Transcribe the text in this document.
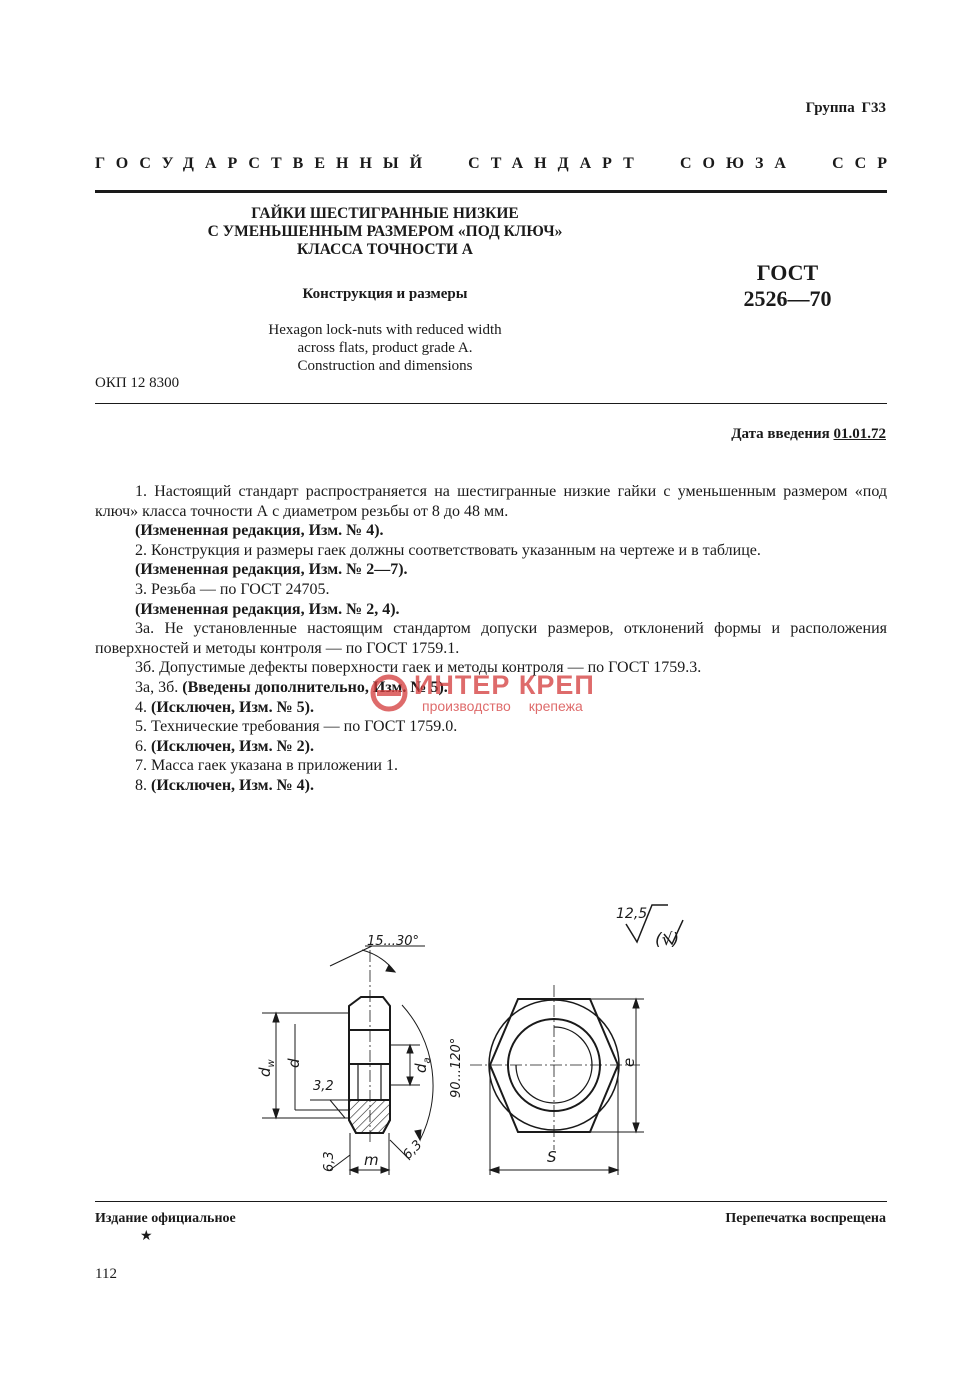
Группа Г33
ГОСУДАРСТВЕННЫЙ СТАНДАРТ СОЮЗА ССР
ГАЙКИ ШЕСТИГРАННЫЕ НИЗКИЕ
С УМЕНЬШЕННЫМ РАЗМЕРОМ «ПОД КЛЮЧ»
КЛАССА ТОЧНОСТИ А
Конструкция и размеры
Hexagon lock-nuts with reduced width
across flats, product grade A.
Construction and dimensions
ГОСТ
2526—70
ОКП 12 8300
Дата введения 01.01.72

1. Настоящий стандарт распространяется на шестигранные низкие гайки с уменьшенным размером «под ключ» класса точности А с диаметром резьбы от 8 до 48 мм.

(Измененная редакция, Изм. № 4).

2. Конструкция и размеры гаек должны соответствовать указанным на чертеже и в таблице.

(Измененная редакция, Изм. № 2—7).

3. Резьба — по ГОСТ 24705.

(Измененная редакция, Изм. № 2, 4).

3а. Не установленные настоящим стандартом допуски размеров, отклонений формы и расположения поверхностей и методы контроля — по ГОСТ 1759.1.

3б. Допустимые дефекты поверхности гаек и методы контроля — по ГОСТ 1759.3.

3а, 3б. (Введены дополнительно, Изм. № 5).

4. (Исключен, Изм. № 5).

5. Технические требования — по ГОСТ 1759.0.

6. (Исключен, Изм. № 2).

7. Масса гаек указана в приложении 1.

8. (Исключен, Изм. № 4).

ИНТЕР КРЕП
производство крепежа
12,5
(√)
15...30°
90...120°
$d_w$ d
$d_a$
3,2
6,3	6,3
m	S
e
Издание официальное	Перепечатка воспрещена
★
112
